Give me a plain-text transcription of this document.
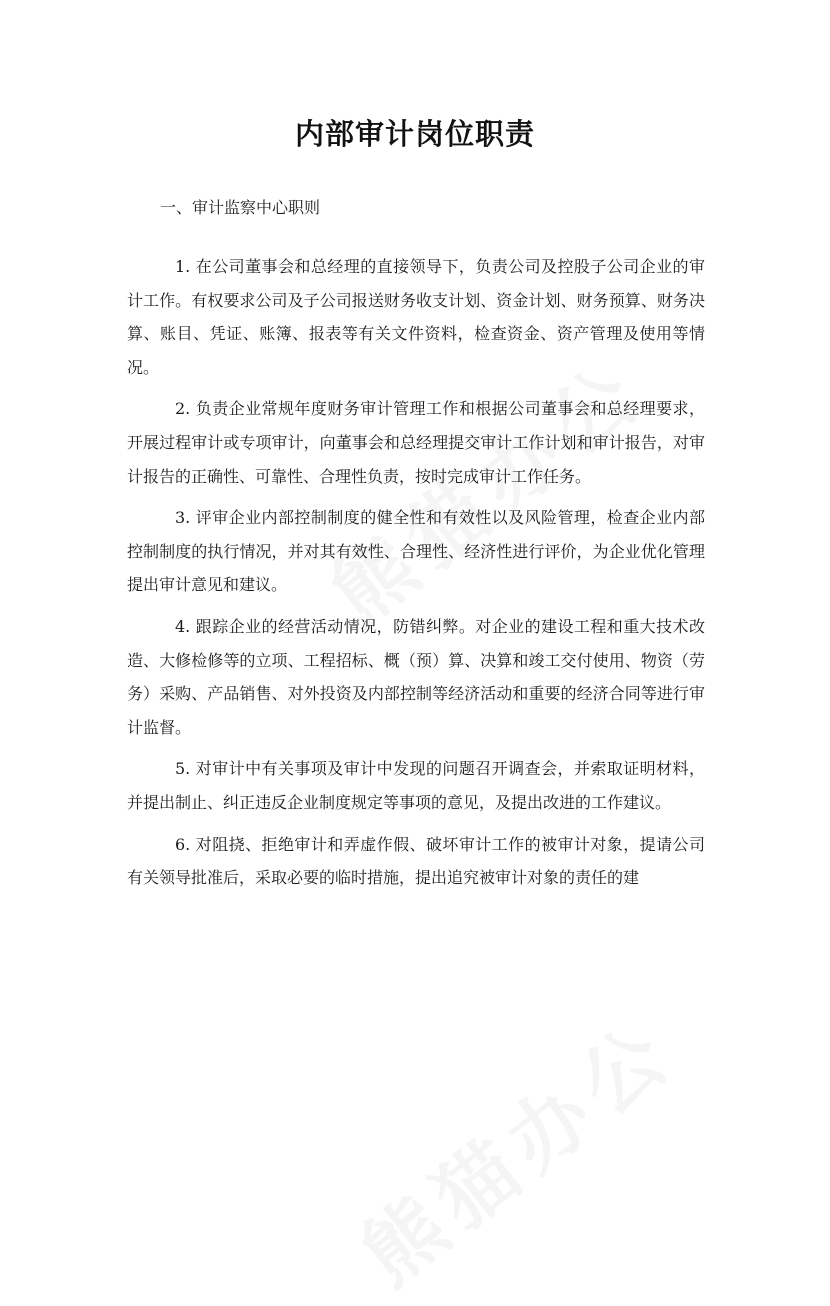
内部审计岗位职责
一、审计监察中心职则

1. 在公司董事会和总经理的直接领导下，负责公司及控股子公司企业的审计工作。有权要求公司及子公司报送财务收支计划、资金计划、财务预算、财务决算、账目、凭证、账簿、报表等有关文件资料，检查资金、资产管理及使用等情况。

2. 负责企业常规年度财务审计管理工作和根据公司董事会和总经理要求，开展过程审计或专项审计，向董事会和总经理提交审计工作计划和审计报告，对审计报告的正确性、可靠性、合理性负责，按时完成审计工作任务。

3. 评审企业内部控制制度的健全性和有效性以及风险管理，检查企业内部控制制度的执行情况，并对其有效性、合理性、经济性进行评价，为企业优化管理提出审计意见和建议。

4. 跟踪企业的经营活动情况，防错纠弊。对企业的建设工程和重大技术改造、大修检修等的立项、工程招标、概（预）算、决算和竣工交付使用、物资（劳务）采购、产品销售、对外投资及内部控制等经济活动和重要的经济合同等进行审计监督。

5. 对审计中有关事项及审计中发现的问题召开调查会，并索取证明材料，并提出制止、纠正违反企业制度规定等事项的意见，及提出改进的工作建议。

6. 对阻挠、拒绝审计和弄虚作假、破坏审计工作的被审计对象，提请公司有关领导批准后，采取必要的临时措施，提出追究被审计对象的责任的建
